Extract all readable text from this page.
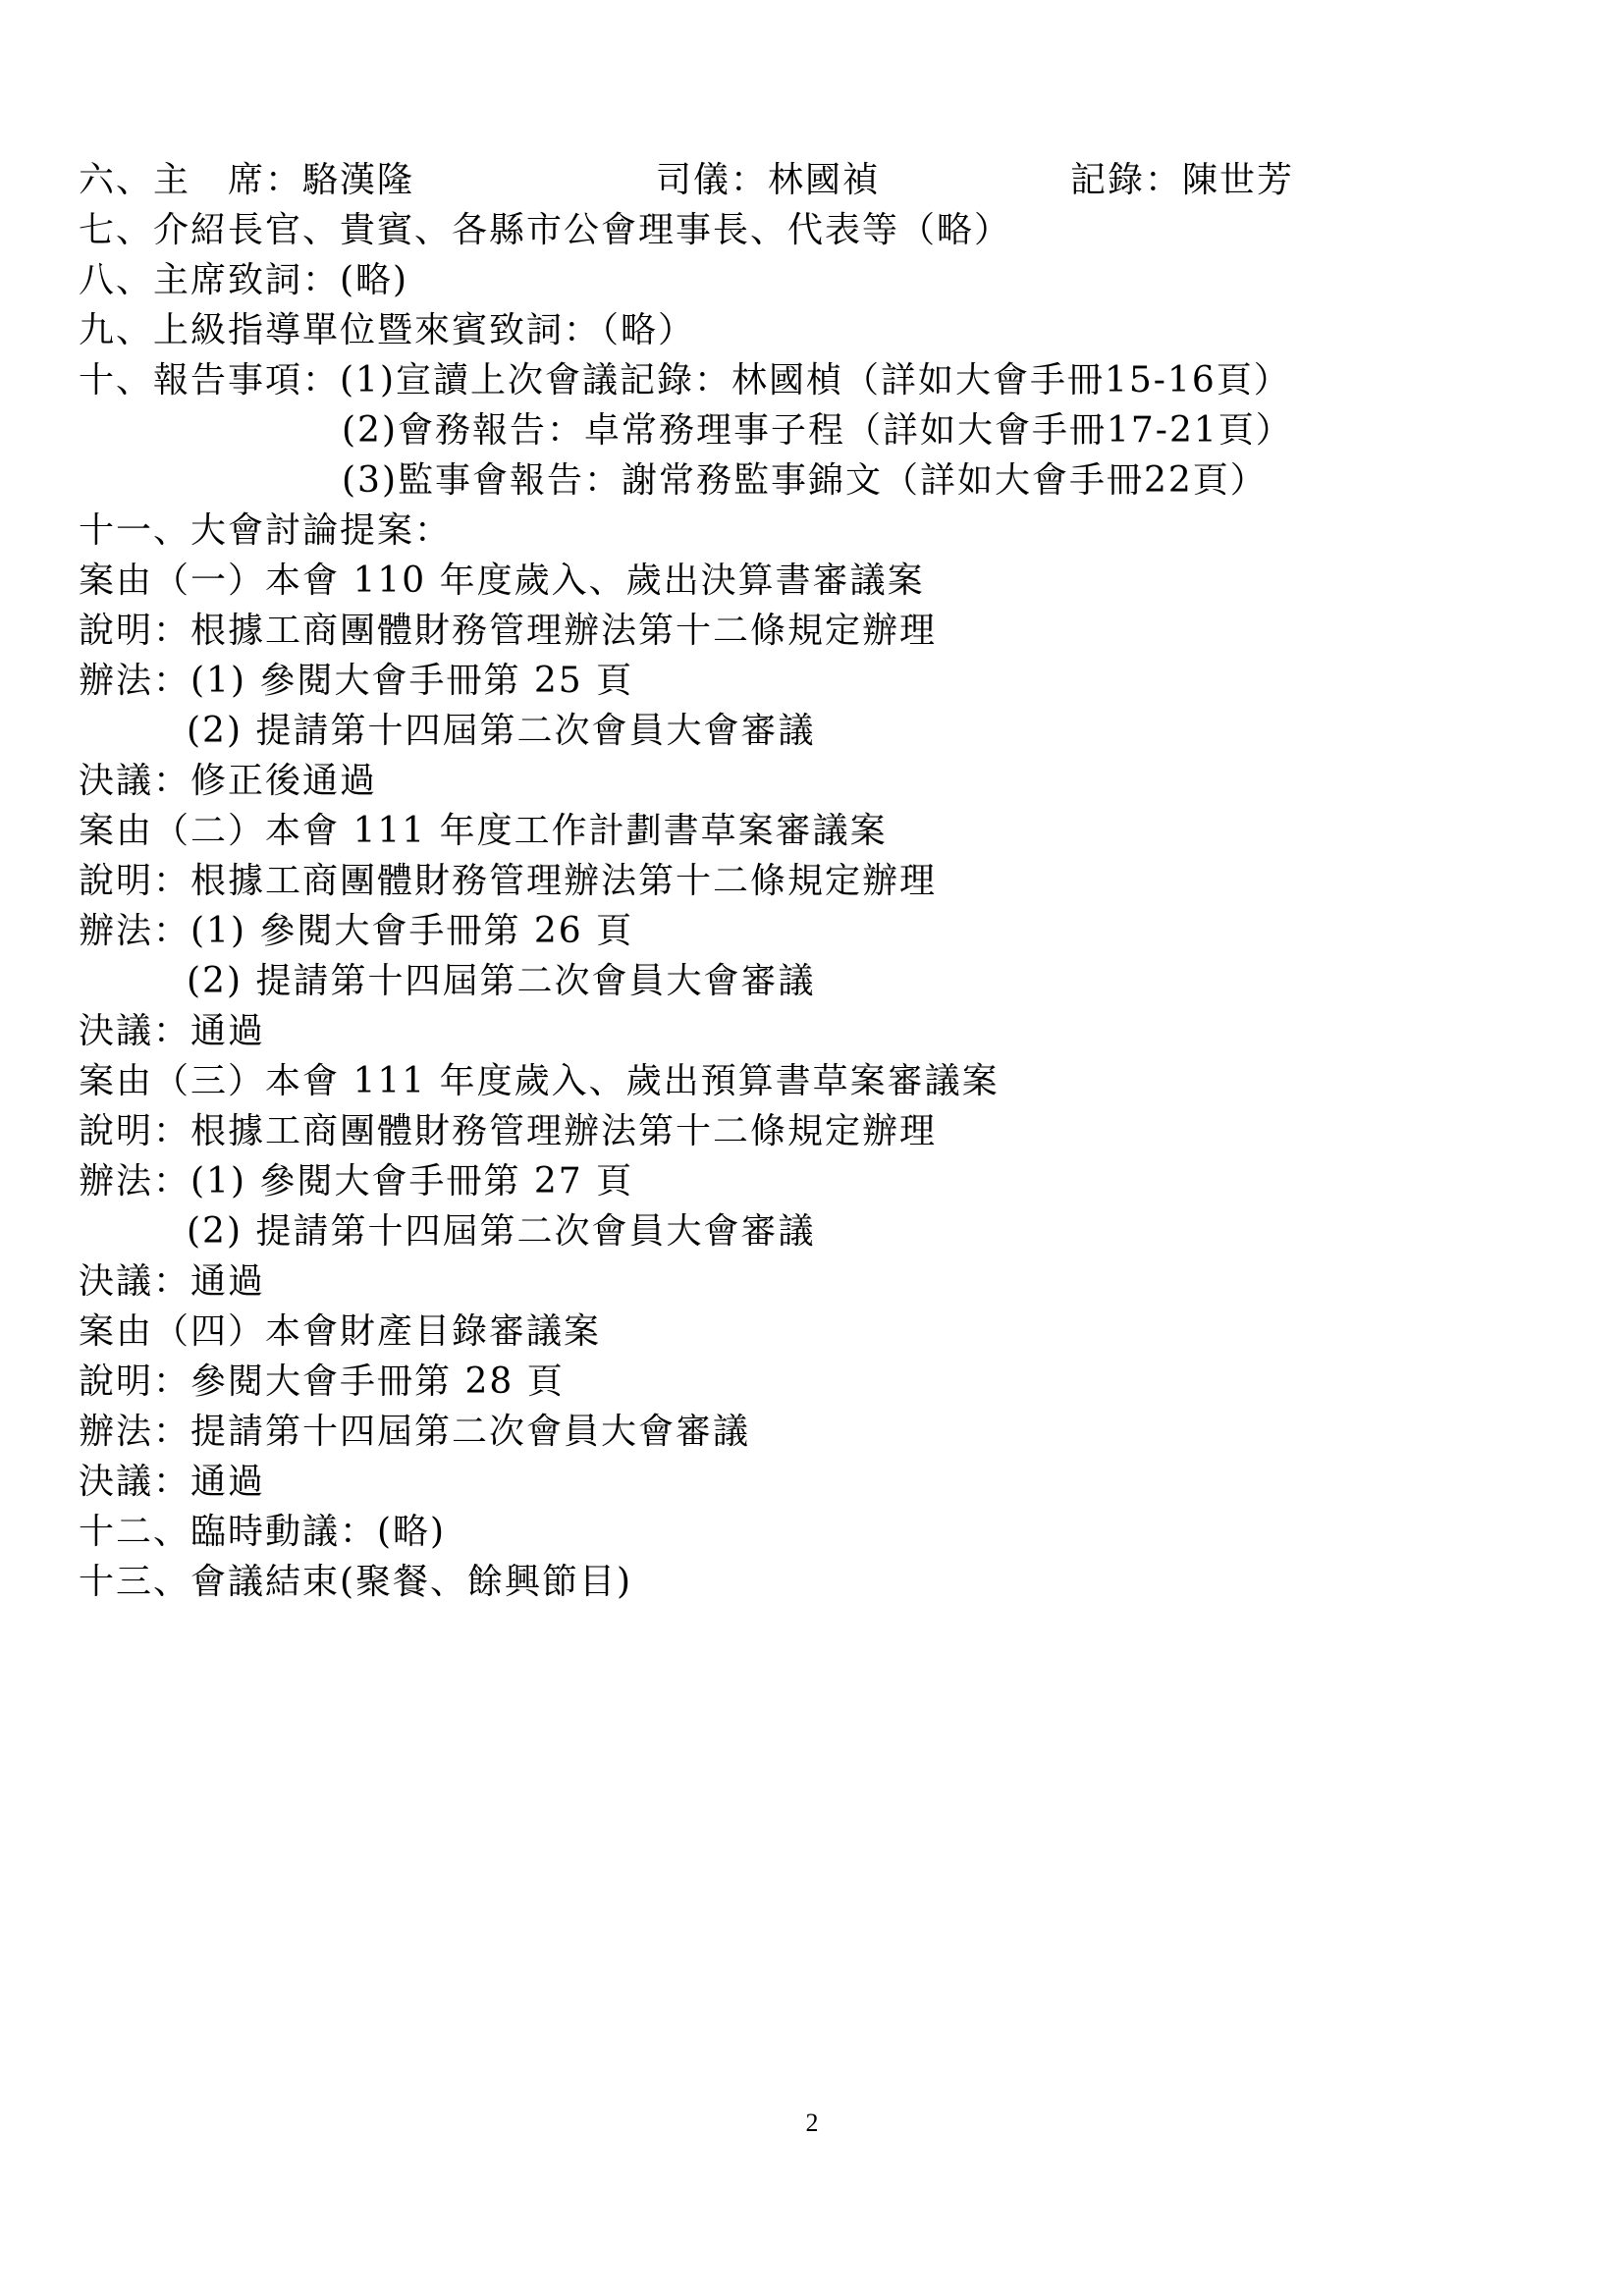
六、主　席：駱漢隆

	司儀：林國禎

	記錄：陳世芳

七、介紹長官、貴賓、各縣市公會理事長、代表等（略）
八、主席致詞：(略)
九、上級指導單位暨來賓致詞：（略）
十、報告事項：(1)宣讀上次會議記錄：林國楨（詳如大會手冊15-16頁）
(2)會務報告：卓常務理事子程（詳如大會手冊17-21頁）
(3)監事會報告：謝常務監事錦文（詳如大會手冊22頁）
十一、大會討論提案：
案由（一）本會 110 年度歲入、歲出決算書審議案
說明：根據工商團體財務管理辦法第十二條規定辦理
辦法：(1) 參閱大會手冊第 25 頁
(2) 提請第十四屆第二次會員大會審議
決議：修正後通過
案由（二）本會 111 年度工作計劃書草案審議案
說明：根據工商團體財務管理辦法第十二條規定辦理
辦法：(1) 參閱大會手冊第 26 頁
(2) 提請第十四屆第二次會員大會審議
決議：通過
案由（三）本會 111 年度歲入、歲出預算書草案審議案
說明：根據工商團體財務管理辦法第十二條規定辦理
辦法：(1) 參閱大會手冊第 27 頁
(2) 提請第十四屆第二次會員大會審議
決議：通過
案由（四）本會財產目錄審議案
說明：參閱大會手冊第 28 頁
辦法：提請第十四屆第二次會員大會審議
決議：通過
十二、臨時動議：(略)
十三、會議結束(聚餐、餘興節目)
2
